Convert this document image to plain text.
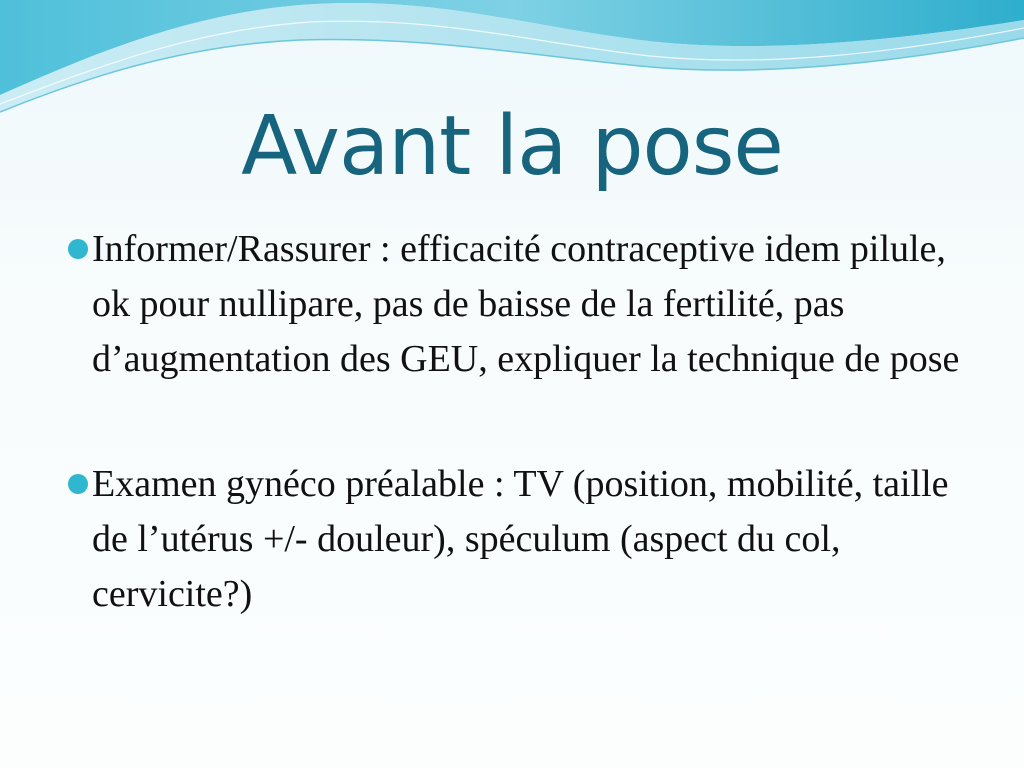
Avant la pose
Informer/Rassurer : efficacité contraceptive idem pilule, ok pour nullipare, pas de baisse de la fertilité, pas d’augmentation des GEU, expliquer la technique de pose
Examen gynéco préalable : TV (position, mobilité, taille de l’utérus +/- douleur), spéculum (aspect du col, cervicite?)
